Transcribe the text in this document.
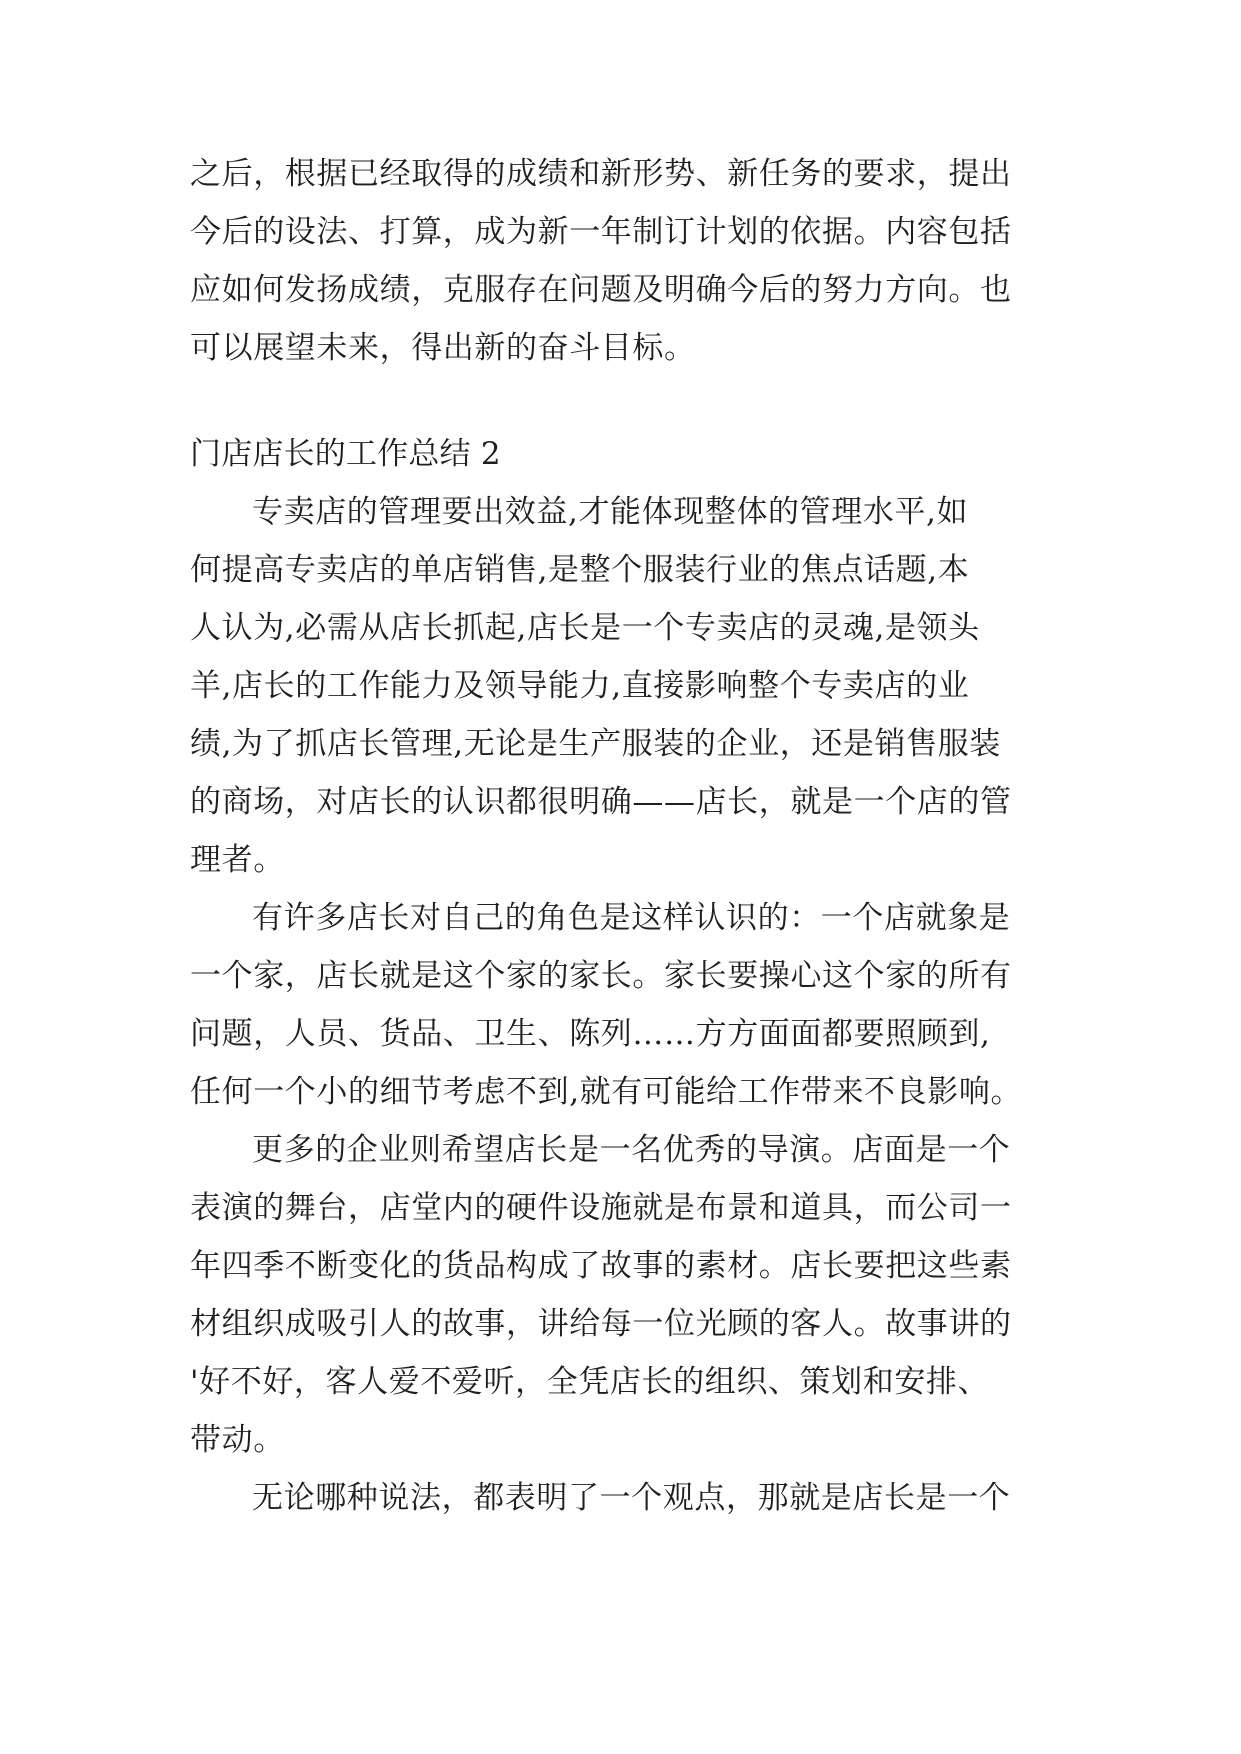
之后，根据已经取得的成绩和新形势、新任务的要求，提出
今后的设法、打算，成为新一年制订计划的依据。内容包括
应如何发扬成绩，克服存在问题及明确今后的努力方向。也
可以展望未来，得出新的奋斗目标。
门店店长的工作总结 2
专卖店的管理要出效益,才能体现整体的管理水平,如
何提高专卖店的单店销售,是整个服装行业的焦点话题,本
人认为,必需从店长抓起,店长是一个专卖店的灵魂,是领头
羊,店长的工作能力及领导能力,直接影响整个专卖店的业
绩,为了抓店长管理,无论是生产服装的企业，还是销售服装
的商场，对店长的认识都很明确——店长，就是一个店的管
理者。
有许多店长对自己的角色是这样认识的：一个店就象是
一个家，店长就是这个家的家长。家长要操心这个家的所有
问题，人员、货品、卫生、陈列……方方面面都要照顾到,
任何一个小的细节考虑不到,就有可能给工作带来不良影响。
更多的企业则希望店长是一名优秀的导演。店面是一个
表演的舞台，店堂内的硬件设施就是布景和道具，而公司一
年四季不断变化的货品构成了故事的素材。店长要把这些素
材组织成吸引人的故事，讲给每一位光顾的客人。故事讲的
'好不好，客人爱不爱听，全凭店长的组织、策划和安排、
带动。
无论哪种说法，都表明了一个观点，那就是店长是一个
